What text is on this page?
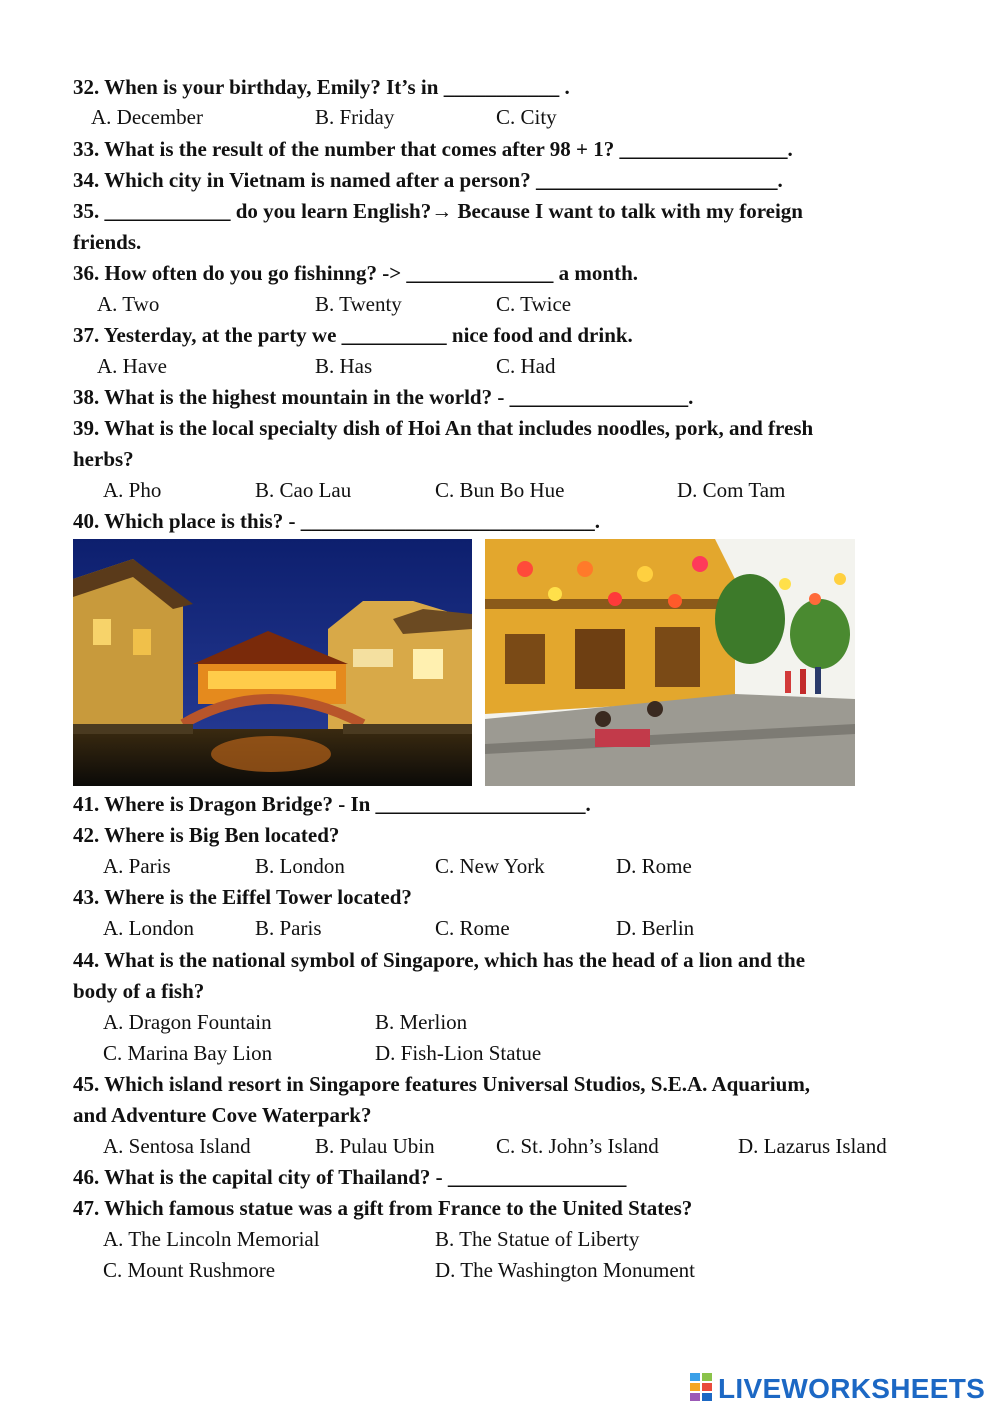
32. When is your birthday, Emily? It’s in ___________ .
A. December	B. Friday	C. City
33. What is the result of the number that comes after 98 + 1? ________________.
34. Which city in Vietnam is named after a person? _______________________.
35. ____________ do you learn English?→ Because I want to talk with my foreign
friends.
36. How often do you go fishinng? -> ______________ a month.
A. Two	B. Twenty	C. Twice
37. Yesterday, at the party we __________ nice food and drink.
A. Have	B. Has	C. Had
38. What is the highest mountain in the world? - _________________.
39. What is the local specialty dish of Hoi An that includes noodles, pork, and fresh
herbs?
A. Pho	B. Cao Lau	C. Bun Bo Hue	D. Com Tam
40. Which place is this? - ____________________________.
41. Where is Dragon Bridge? - In ____________________.
42. Where is Big Ben located?
A. Paris	B. London	C. New York	D. Rome
43. Where is the Eiffel Tower located?
A. London	B. Paris	C. Rome	D. Berlin
44. What is the national symbol of Singapore, which has the head of a lion and the
body of a fish?
A. Dragon Fountain	B. Merlion
C. Marina Bay Lion	D. Fish-Lion Statue
45. Which island resort in Singapore features Universal Studios, S.E.A. Aquarium,
and Adventure Cove Waterpark?
A. Sentosa Island	B. Pulau Ubin	C. St. John’s Island	D. Lazarus Island
46. What is the capital city of Thailand? - _________________
47. Which famous statue was a gift from France to the United States?
A. The Lincoln Memorial	B. The Statue of Liberty
C. Mount Rushmore	D. The Washington Monument
LIVEWORKSHEETS
